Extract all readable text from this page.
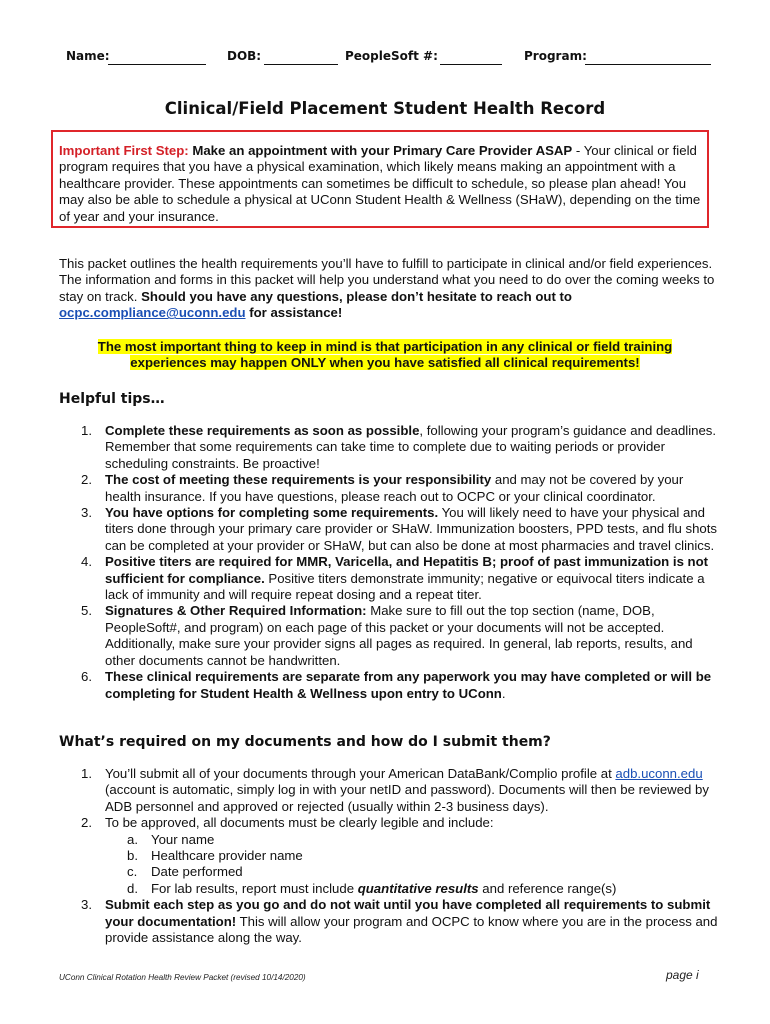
Name:	DOB:	PeopleSoft #:	Program:
Clinical/Field Placement Student Health Record
Important First Step: Make an appointment with your Primary Care Provider ASAP - Your clinical or field program requires that you have a physical examination, which likely means making an appointment with a healthcare provider. These appointments can sometimes be difficult to schedule, so please plan ahead! You may also be able to schedule a physical at UConn Student Health & Wellness (SHaW), depending on the time of year and your insurance.
This packet outlines the health requirements you’ll have to fulfill to participate in clinical and/or field experiences. The information and forms in this packet will help you understand what you need to do over the coming weeks to stay on track. Should you have any questions, please don’t hesitate to reach out to ocpc.compliance@uconn.edu for assistance!
The most important thing to keep in mind is that participation in any clinical or field training
experiences may happen ONLY when you have satisfied all clinical requirements!
Helpful tips…
1. Complete these requirements as soon as possible, following your program’s guidance and deadlines. Remember that some requirements can take time to complete due to waiting periods or provider scheduling constraints. Be proactive!
2. The cost of meeting these requirements is your responsibility and may not be covered by your health insurance. If you have questions, please reach out to OCPC or your clinical coordinator.
3. You have options for completing some requirements. You will likely need to have your physical and titers done through your primary care provider or SHaW. Immunization boosters, PPD tests, and flu shots can be completed at your provider or SHaW, but can also be done at most pharmacies and travel clinics.
4. Positive titers are required for MMR, Varicella, and Hepatitis B; proof of past immunization is not sufficient for compliance. Positive titers demonstrate immunity; negative or equivocal titers indicate a lack of immunity and will require repeat dosing and a repeat titer.
5. Signatures & Other Required Information: Make sure to fill out the top section (name, DOB, PeopleSoft#, and program) on each page of this packet or your documents will not be accepted. Additionally, make sure your provider signs all pages as required. In general, lab reports, results, and other documents cannot be handwritten.
6. These clinical requirements are separate from any paperwork you may have completed or will be completing for Student Health & Wellness upon entry to UConn.
What’s required on my documents and how do I submit them?
1. You’ll submit all of your documents through your American DataBank/Complio profile at adb.uconn.edu (account is automatic, simply log in with your netID and password). Documents will then be reviewed by ADB personnel and approved or rejected (usually within 2-3 business days).
2. To be approved, all documents must be clearly legible and include:
a. Your name
b. Healthcare provider name
c. Date performed
d. For lab results, report must include quantitative results and reference range(s)
3. Submit each step as you go and do not wait until you have completed all requirements to submit your documentation! This will allow your program and OCPC to know where you are in the process and provide assistance along the way.
UConn Clinical Rotation Health Review Packet (revised 10/14/2020)	page i
